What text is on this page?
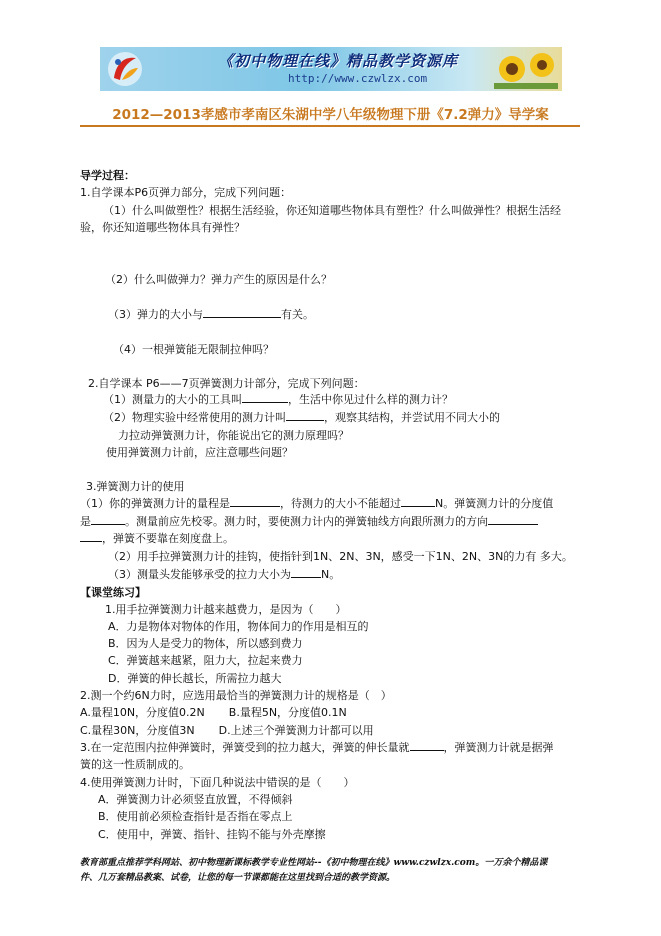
《初中物理在线》精品教学资源库
http://www.czwlzx.com
2012—2013孝感市孝南区朱湖中学八年级物理下册《7.2弹力》导学案
导学过程：
1.自学课本P6页弹力部分，完成下列问题：
（1）什么叫做塑性？根据生活经验，你还知道哪些物体具有塑性？什么叫做弹性？根据生活经
验，你还知道哪些物体具有弹性？
（2）什么叫做弹力？弹力产生的原因是什么？
（3）弹力的大小与	有关。
（4）一根弹簧能无限制拉伸吗？
2.自学课本 P6——7页弹簧测力计部分，完成下列问题：
（1）测量力的大小的工具叫	，生活中你见过什么样的测力计？
（2）物理实验中经常使用的测力计叫	，观察其结构，并尝试用不同大小的
力拉动弹簧测力计，你能说出它的测力原理吗？
使用弹簧测力计前，应注意哪些问题？
3.弹簧测力计的使用
（1）你的弹簧测力计的量程是	，待测力的大小不能超过	N。弹簧测力计的分度值
是	。测量前应先校零。测力时，要使测力计内的弹簧轴线方向跟所测力的方向
，弹簧不要靠在刻度盘上。
（2）用手拉弹簧测力计的挂钩，使指针到1N、2N、3N，感受一下1N、2N、3N的力有 多大。
（3）测量头发能够承受的拉力大小为	N。
【课堂练习】
1.用手拉弹簧测力计越来越费力，是因为（　　）
A．力是物体对物体的作用，物体间力的作用是相互的
B．因为人是受力的物体，所以感到费力
C．弹簧越来越紧，阻力大，拉起来费力
D．弹簧的伸长越长，所需拉力越大
2.测一个约6N力时，应选用最恰当的弹簧测力计的规格是（　）
A.量程10N，分度值0.2N B.量程5N，分度值0.1N
C.量程30N，分度值3N D.上述三个弹簧测力计都可以用
3.在一定范围内拉伸弹簧时，弹簧受到的拉力越大，弹簧的伸长量就	，弹簧测力计就是据弹
簧的这一性质制成的。
4.使用弹簧测力计时，下面几种说法中错误的是（　　）
A．弹簧测力计必须竖直放置，不得倾斜
B．使用前必须检查指针是否指在零点上
C．使用中，弹簧、指针、挂钩不能与外壳摩擦
教育部重点推荐学科网站、初中物理新课标教学专业性网站--《初中物理在线》www.czwlzx.com。一万余个精品课
件、几万套精品教案、试卷，让您的每一节课都能在这里找到合适的教学资源。
